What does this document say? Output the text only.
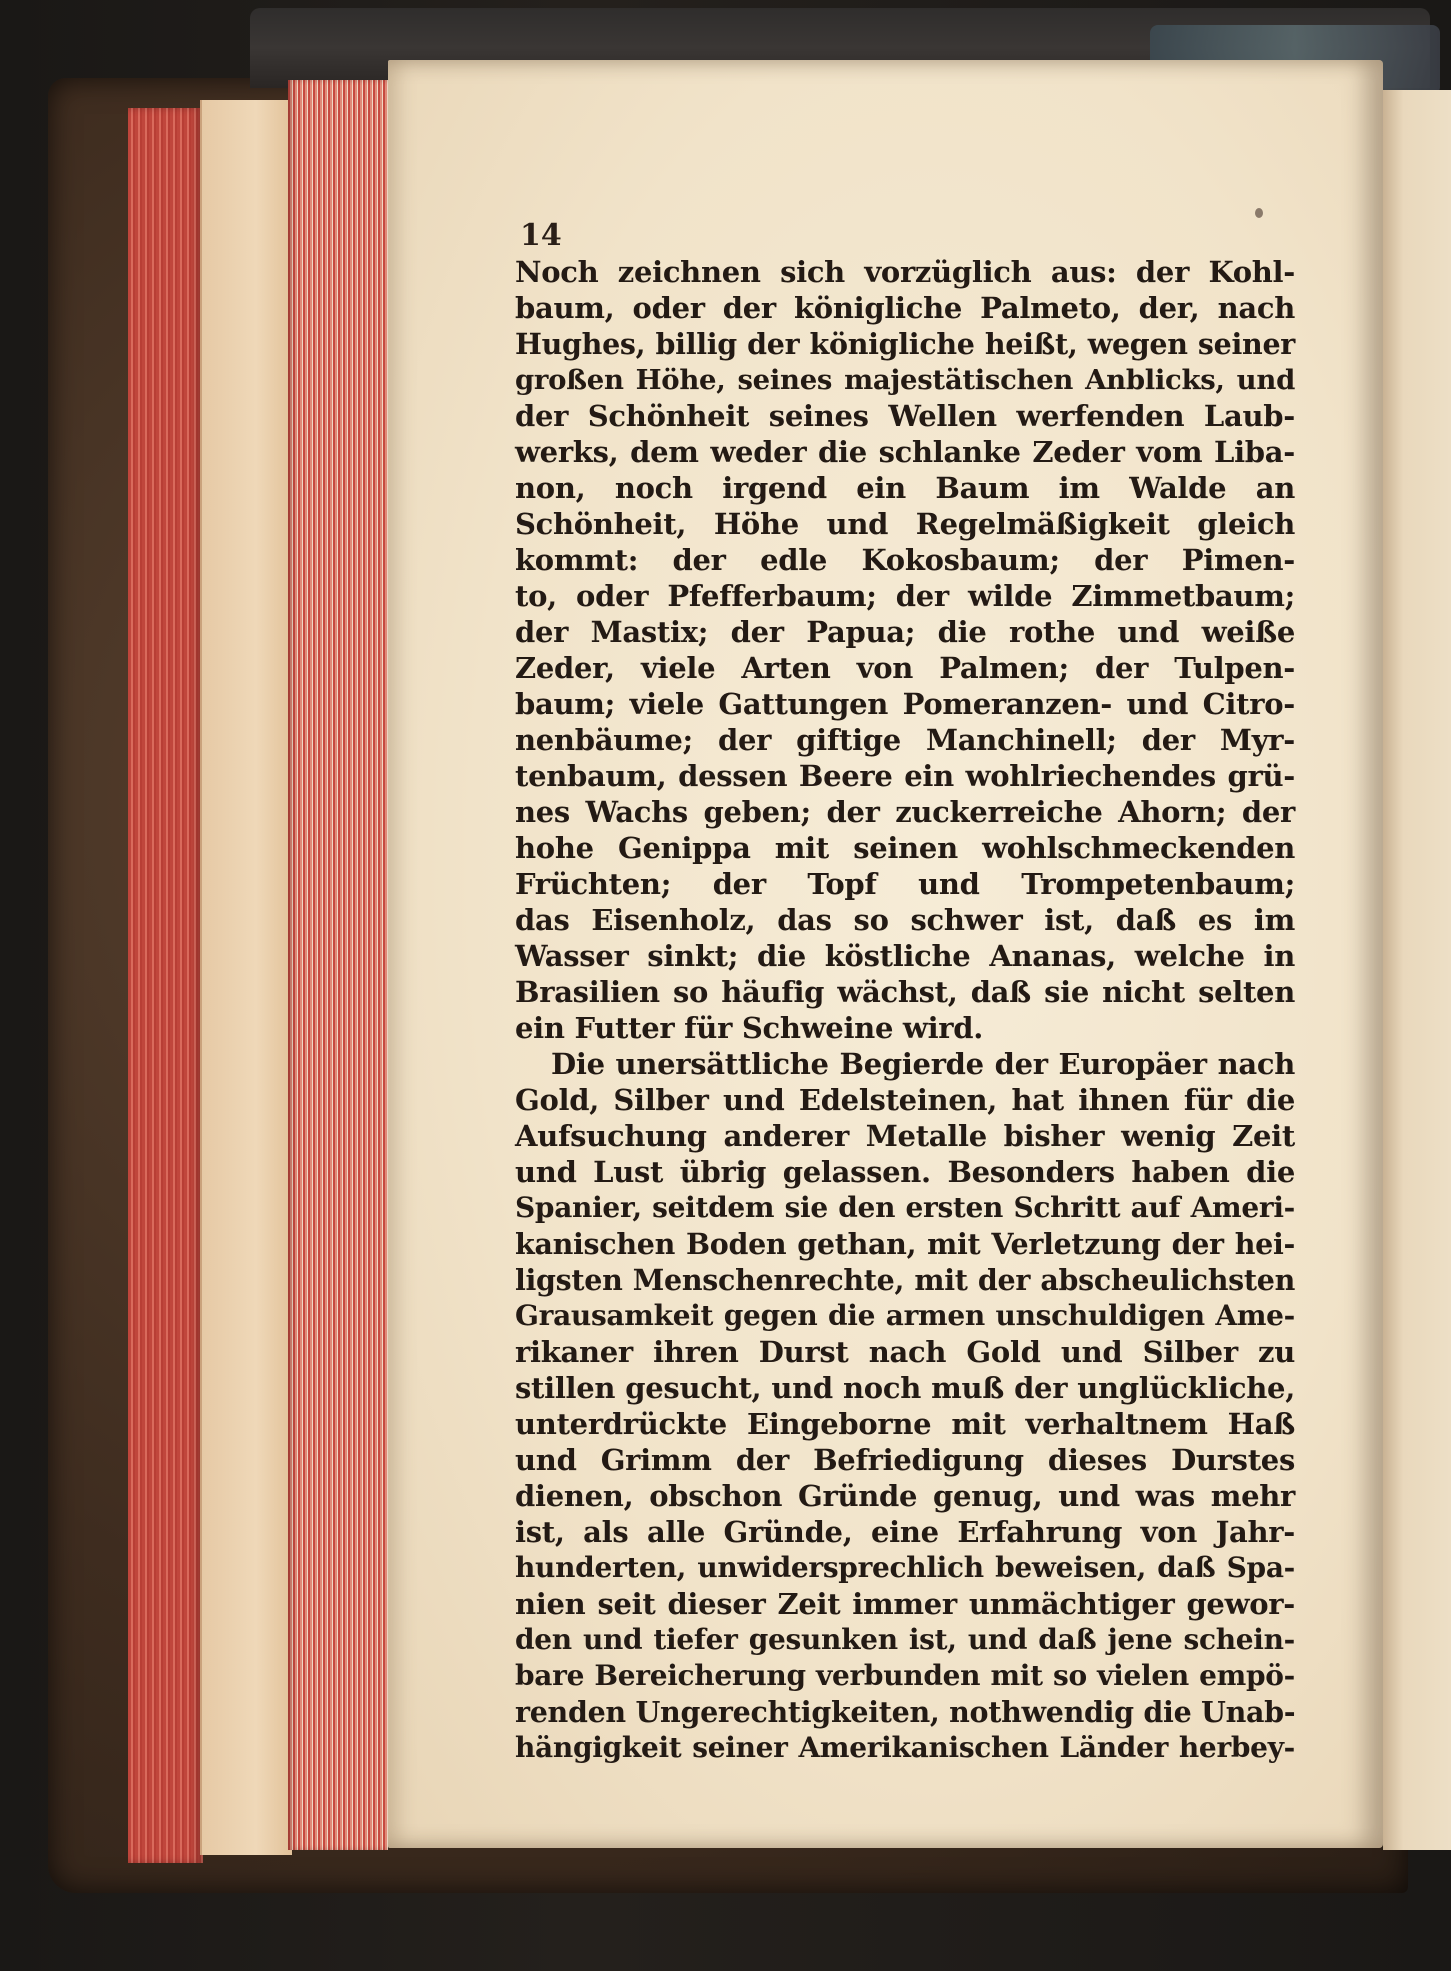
14
Noch zeichnen sich vorzüglich aus: der Kohl-
baum, oder der königliche Palmeto, der, nach
Hughes, billig der königliche heißt, wegen seiner
großen Höhe, seines majestätischen Anblicks, und
der Schönheit seines Wellen werfenden Laub-
werks, dem weder die schlanke Zeder vom Liba-
non, noch irgend ein Baum im Walde an
Schönheit, Höhe und Regelmäßigkeit gleich
kommt: der edle Kokosbaum; der Pimen-
to, oder Pfefferbaum; der wilde Zimmetbaum;
der Mastix; der Papua; die rothe und weiße
Zeder, viele Arten von Palmen; der Tulpen-
baum; viele Gattungen Pomeranzen- und Citro-
nenbäume; der giftige Manchinell; der Myr-
tenbaum, dessen Beere ein wohlriechendes grü-
nes Wachs geben; der zuckerreiche Ahorn; der
hohe Genippa mit seinen wohlschmeckenden
Früchten; der Topf und Trompetenbaum;
das Eisenholz, das so schwer ist, daß es im
Wasser sinkt; die köstliche Ananas, welche in
Brasilien so häufig wächst, daß sie nicht selten
ein Futter für Schweine wird.
Die unersättliche Begierde der Europäer nach
Gold, Silber und Edelsteinen, hat ihnen für die
Aufsuchung anderer Metalle bisher wenig Zeit
und Lust übrig gelassen. Besonders haben die
Spanier, seitdem sie den ersten Schritt auf Ameri-
kanischen Boden gethan, mit Verletzung der hei-
ligsten Menschenrechte, mit der abscheulichsten
Grausamkeit gegen die armen unschuldigen Ame-
rikaner ihren Durst nach Gold und Silber zu
stillen gesucht, und noch muß der unglückliche,
unterdrückte Eingeborne mit verhaltnem Haß
und Grimm der Befriedigung dieses Durstes
dienen, obschon Gründe genug, und was mehr
ist, als alle Gründe, eine Erfahrung von Jahr-
hunderten, unwidersprechlich beweisen, daß Spa-
nien seit dieser Zeit immer unmächtiger gewor-
den und tiefer gesunken ist, und daß jene schein-
bare Bereicherung verbunden mit so vielen empö-
renden Ungerechtigkeiten, nothwendig die Unab-
hängigkeit seiner Amerikanischen Länder herbey-
